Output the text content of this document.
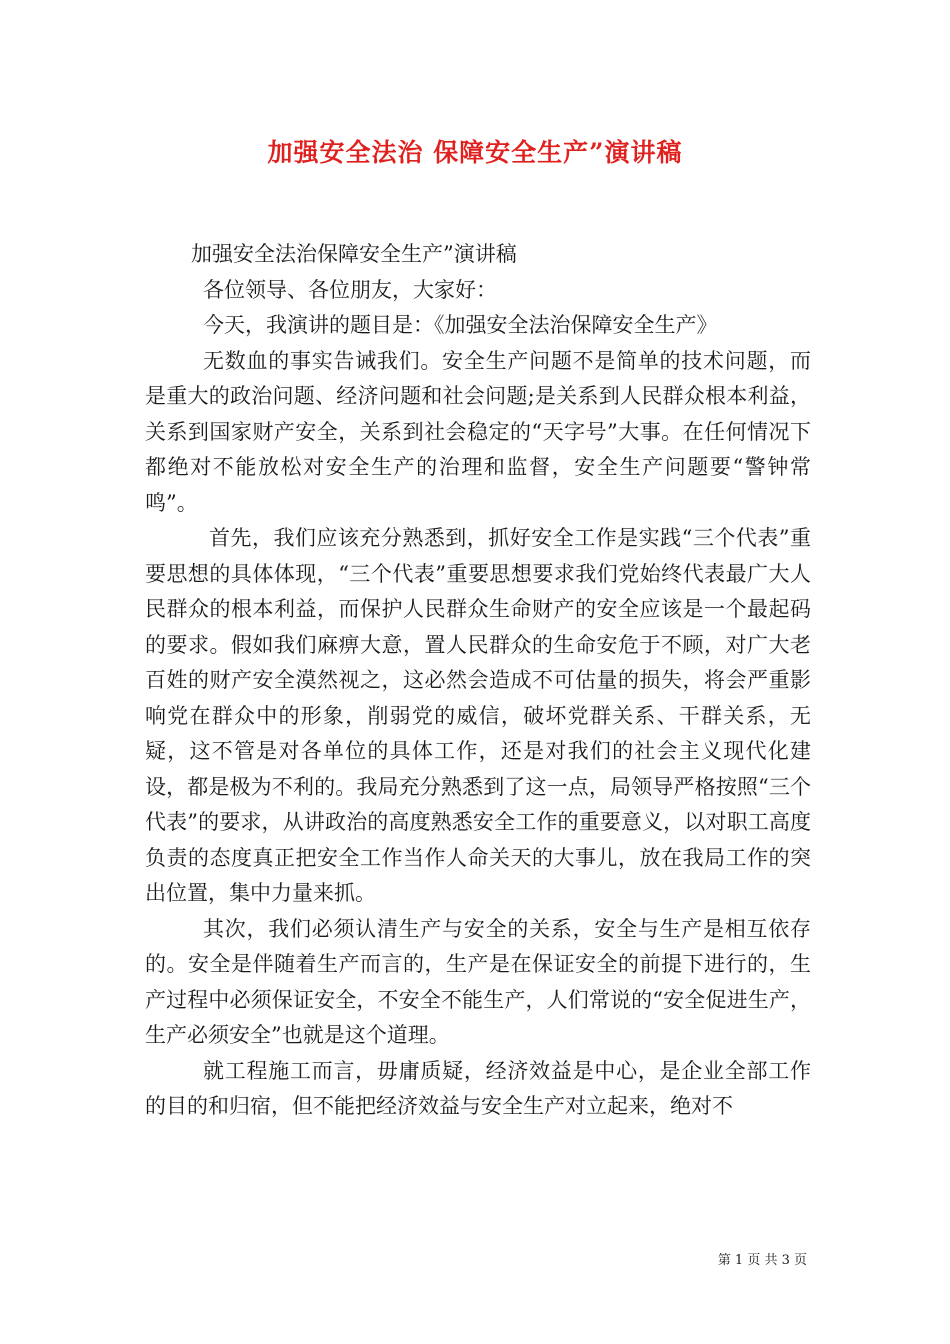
加强安全法治 保障安全生产”演讲稿

加强安全法治保障安全生产”演讲稿

各位领导、各位朋友，大家好：

今天，我演讲的题目是：《加强安全法治保障安全生产》

无数血的事实告诫我们。安全生产问题不是简单的技术问题，而是重大的政治问题、经济问题和社会问题;是关系到人民群众根本利益，关系到国家财产安全，关系到社会稳定的“天字号”大事。在任何情况下都绝对不能放松对安全生产的治理和监督，安全生产问题要“警钟常鸣”。

首先，我们应该充分熟悉到，抓好安全工作是实践“三个代表”重要思想的具体体现，“三个代表”重要思想要求我们党始终代表最广大人民群众的根本利益，而保护人民群众生命财产的安全应该是一个最起码的要求。假如我们麻痹大意，置人民群众的生命安危于不顾，对广大老百姓的财产安全漠然视之，这必然会造成不可估量的损失，将会严重影响党在群众中的形象，削弱党的威信，破坏党群关系、干群关系，无疑，这不管是对各单位的具体工作，还是对我们的社会主义现代化建设，都是极为不利的。我局充分熟悉到了这一点，局领导严格按照“三个代表”的要求，从讲政治的高度熟悉安全工作的重要意义，以对职工高度负责的态度真正把安全工作当作人命关天的大事儿，放在我局工作的突出位置，集中力量来抓。

其次，我们必须认清生产与安全的关系，安全与生产是相互依存的。安全是伴随着生产而言的，生产是在保证安全的前提下进行的，生产过程中必须保证安全，不安全不能生产，人们常说的“安全促进生产，生产必须安全”也就是这个道理。

就工程施工而言，毋庸质疑，经济效益是中心，是企业全部工作的目的和归宿，但不能把经济效益与安全生产对立起来，绝对不

第 1 页 共 3 页
